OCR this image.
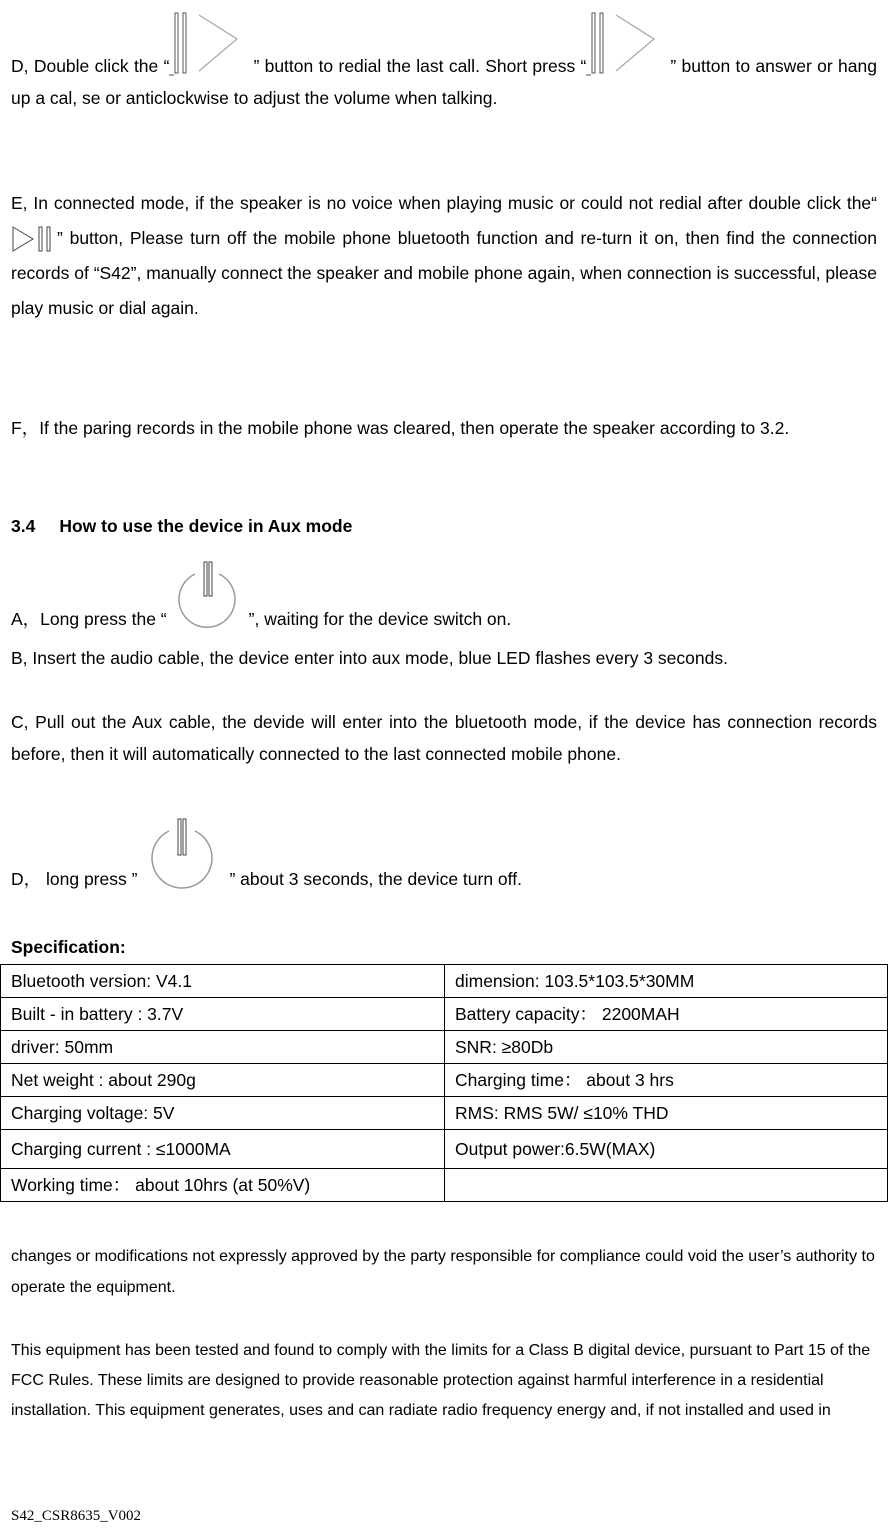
D, Double click the “	” button to redial the last call. Short press “	” button to answer or hang up a cal, se or anticlockwise to adjust the volume when talking.

E, In connected mode, if the speaker is no voice when playing music or could not redial after double click the“” button, Please turn off the mobile phone bluetooth function and re-turn it on, then find the connection records of “S42”, manually connect the speaker and mobile phone again, when connection is successful, please play music or dial again.

F，If the paring records in the mobile phone was cleared, then operate the speaker according to 3.2.

3.4 How to use the device in Aux mode

A，Long press the “	”, waiting for the device switch on.

B, Insert the audio cable, the device enter into aux mode, blue LED flashes every 3 seconds.

C, Pull out the Aux cable, the devide will enter into the bluetooth mode, if the device has connection records before, then it will automatically connected to the last connected mobile phone.

D， long press ”	” about 3 seconds, the device turn off.

Specification:
Bluetooth version: V4.1	dimension: 103.5*103.5*30MM
Built - in battery : 3.7V	Battery capacity： 2200MAH
driver: 50mm	SNR: ≥80Db
Net weight : about 290g	Charging time： about 3 hrs
Charging voltage: 5V	RMS: RMS 5W/ ≤10% THD
Charging current : ≤1000MA	Output power:6.5W(MAX)
Working time： about 10hrs (at 50%V)	

changes or modifications not expressly approved by the party responsible for compliance could void the user’s authority to operate the equipment.

This equipment has been tested and found to comply with the limits for a Class B digital device, pursuant to Part 15 of the FCC Rules. These limits are designed to provide reasonable protection against harmful interference in a residential installation. This equipment generates, uses and can radiate radio frequency energy and, if not installed and used in

S42_CSR8635_V002
